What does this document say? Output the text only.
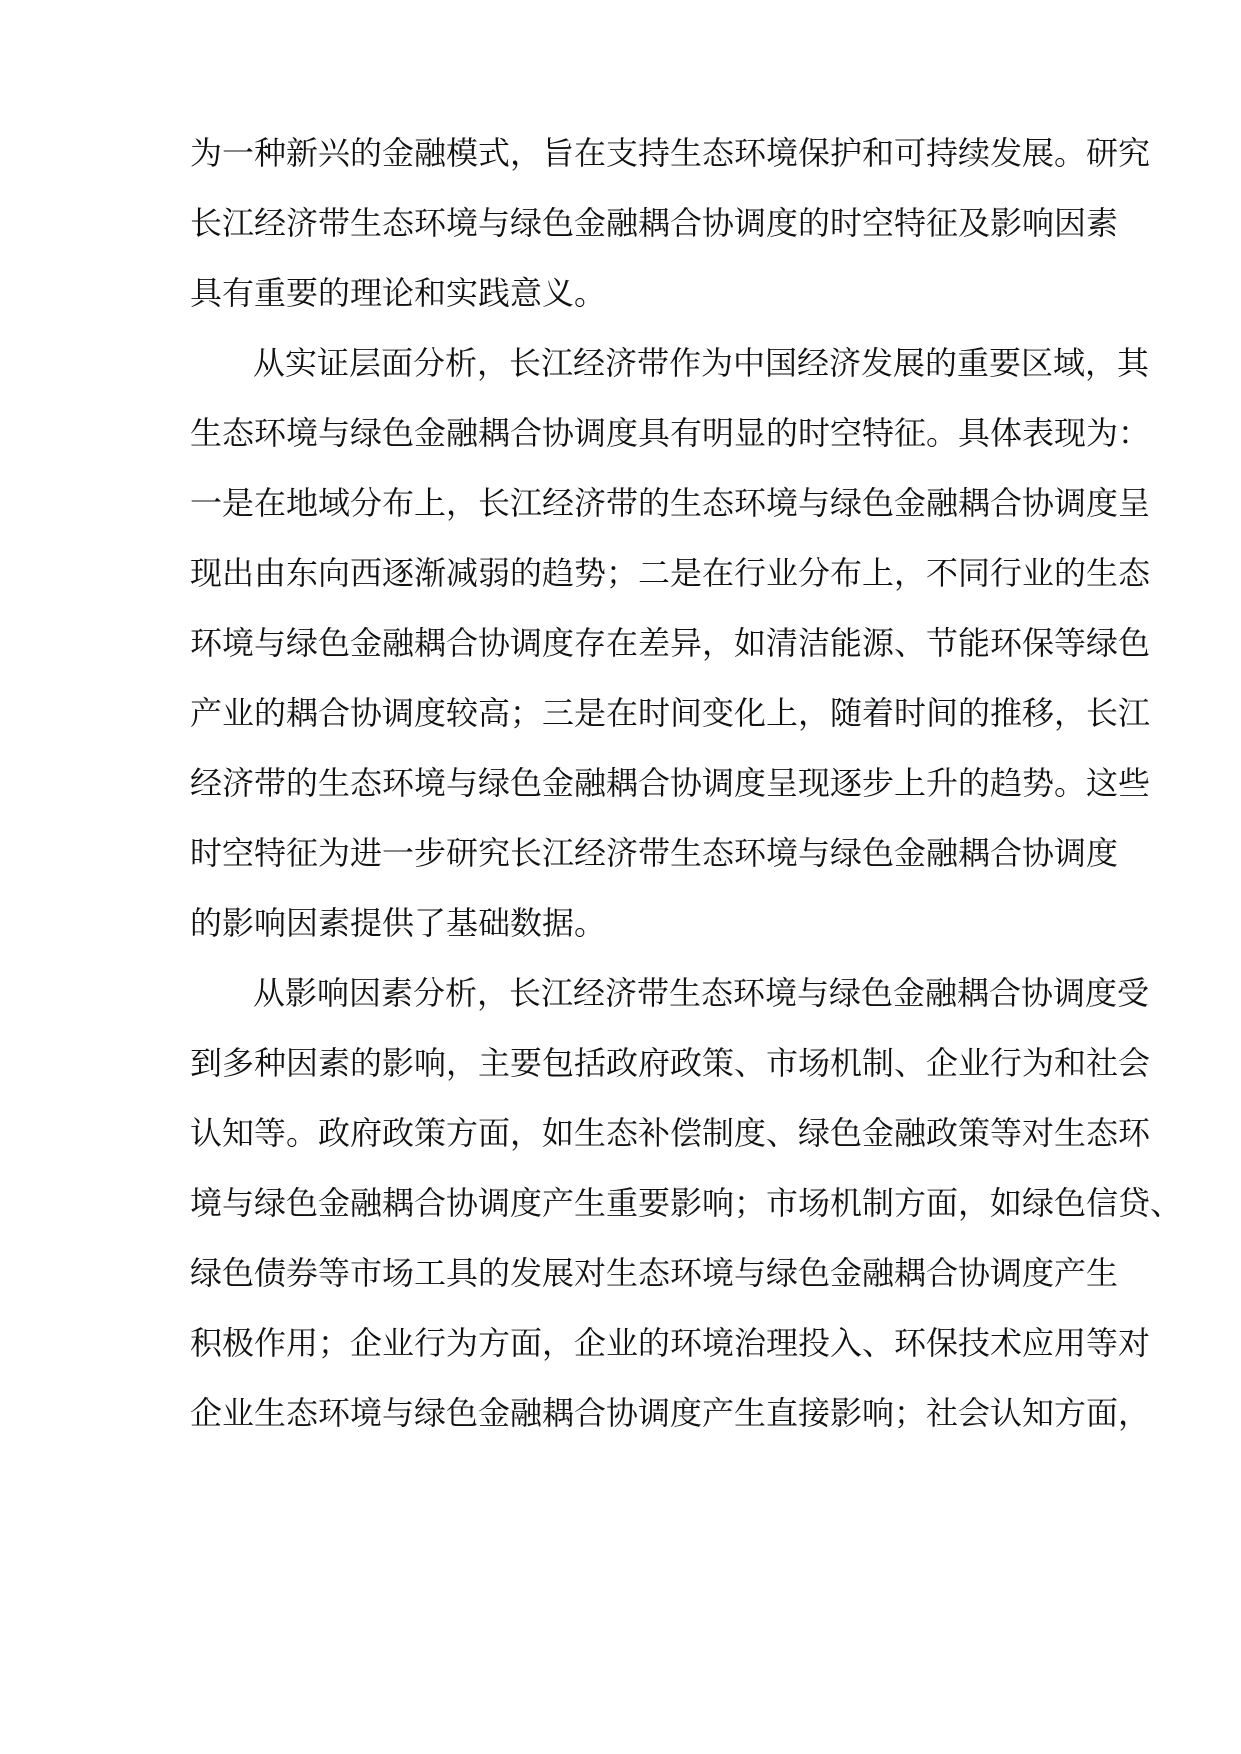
为一种新兴的金融模式，旨在支持生态环境保护和可持续发展。研究

长江经济带生态环境与绿色金融耦合协调度的时空特征及影响因素

具有重要的理论和实践意义。

从实证层面分析，长江经济带作为中国经济发展的重要区域，其

生态环境与绿色金融耦合协调度具有明显的时空特征。具体表现为：

一是在地域分布上，长江经济带的生态环境与绿色金融耦合协调度呈

现出由东向西逐渐减弱的趋势；二是在行业分布上，不同行业的生态

环境与绿色金融耦合协调度存在差异，如清洁能源、节能环保等绿色

产业的耦合协调度较高；三是在时间变化上，随着时间的推移，长江

经济带的生态环境与绿色金融耦合协调度呈现逐步上升的趋势。这些

时空特征为进一步研究长江经济带生态环境与绿色金融耦合协调度

的影响因素提供了基础数据。

从影响因素分析，长江经济带生态环境与绿色金融耦合协调度受

到多种因素的影响，主要包括政府政策、市场机制、企业行为和社会

认知等。政府政策方面，如生态补偿制度、绿色金融政策等对生态环

境与绿色金融耦合协调度产生重要影响；市场机制方面，如绿色信贷、

绿色债券等市场工具的发展对生态环境与绿色金融耦合协调度产生

积极作用；企业行为方面，企业的环境治理投入、环保技术应用等对

企业生态环境与绿色金融耦合协调度产生直接影响；社会认知方面，
